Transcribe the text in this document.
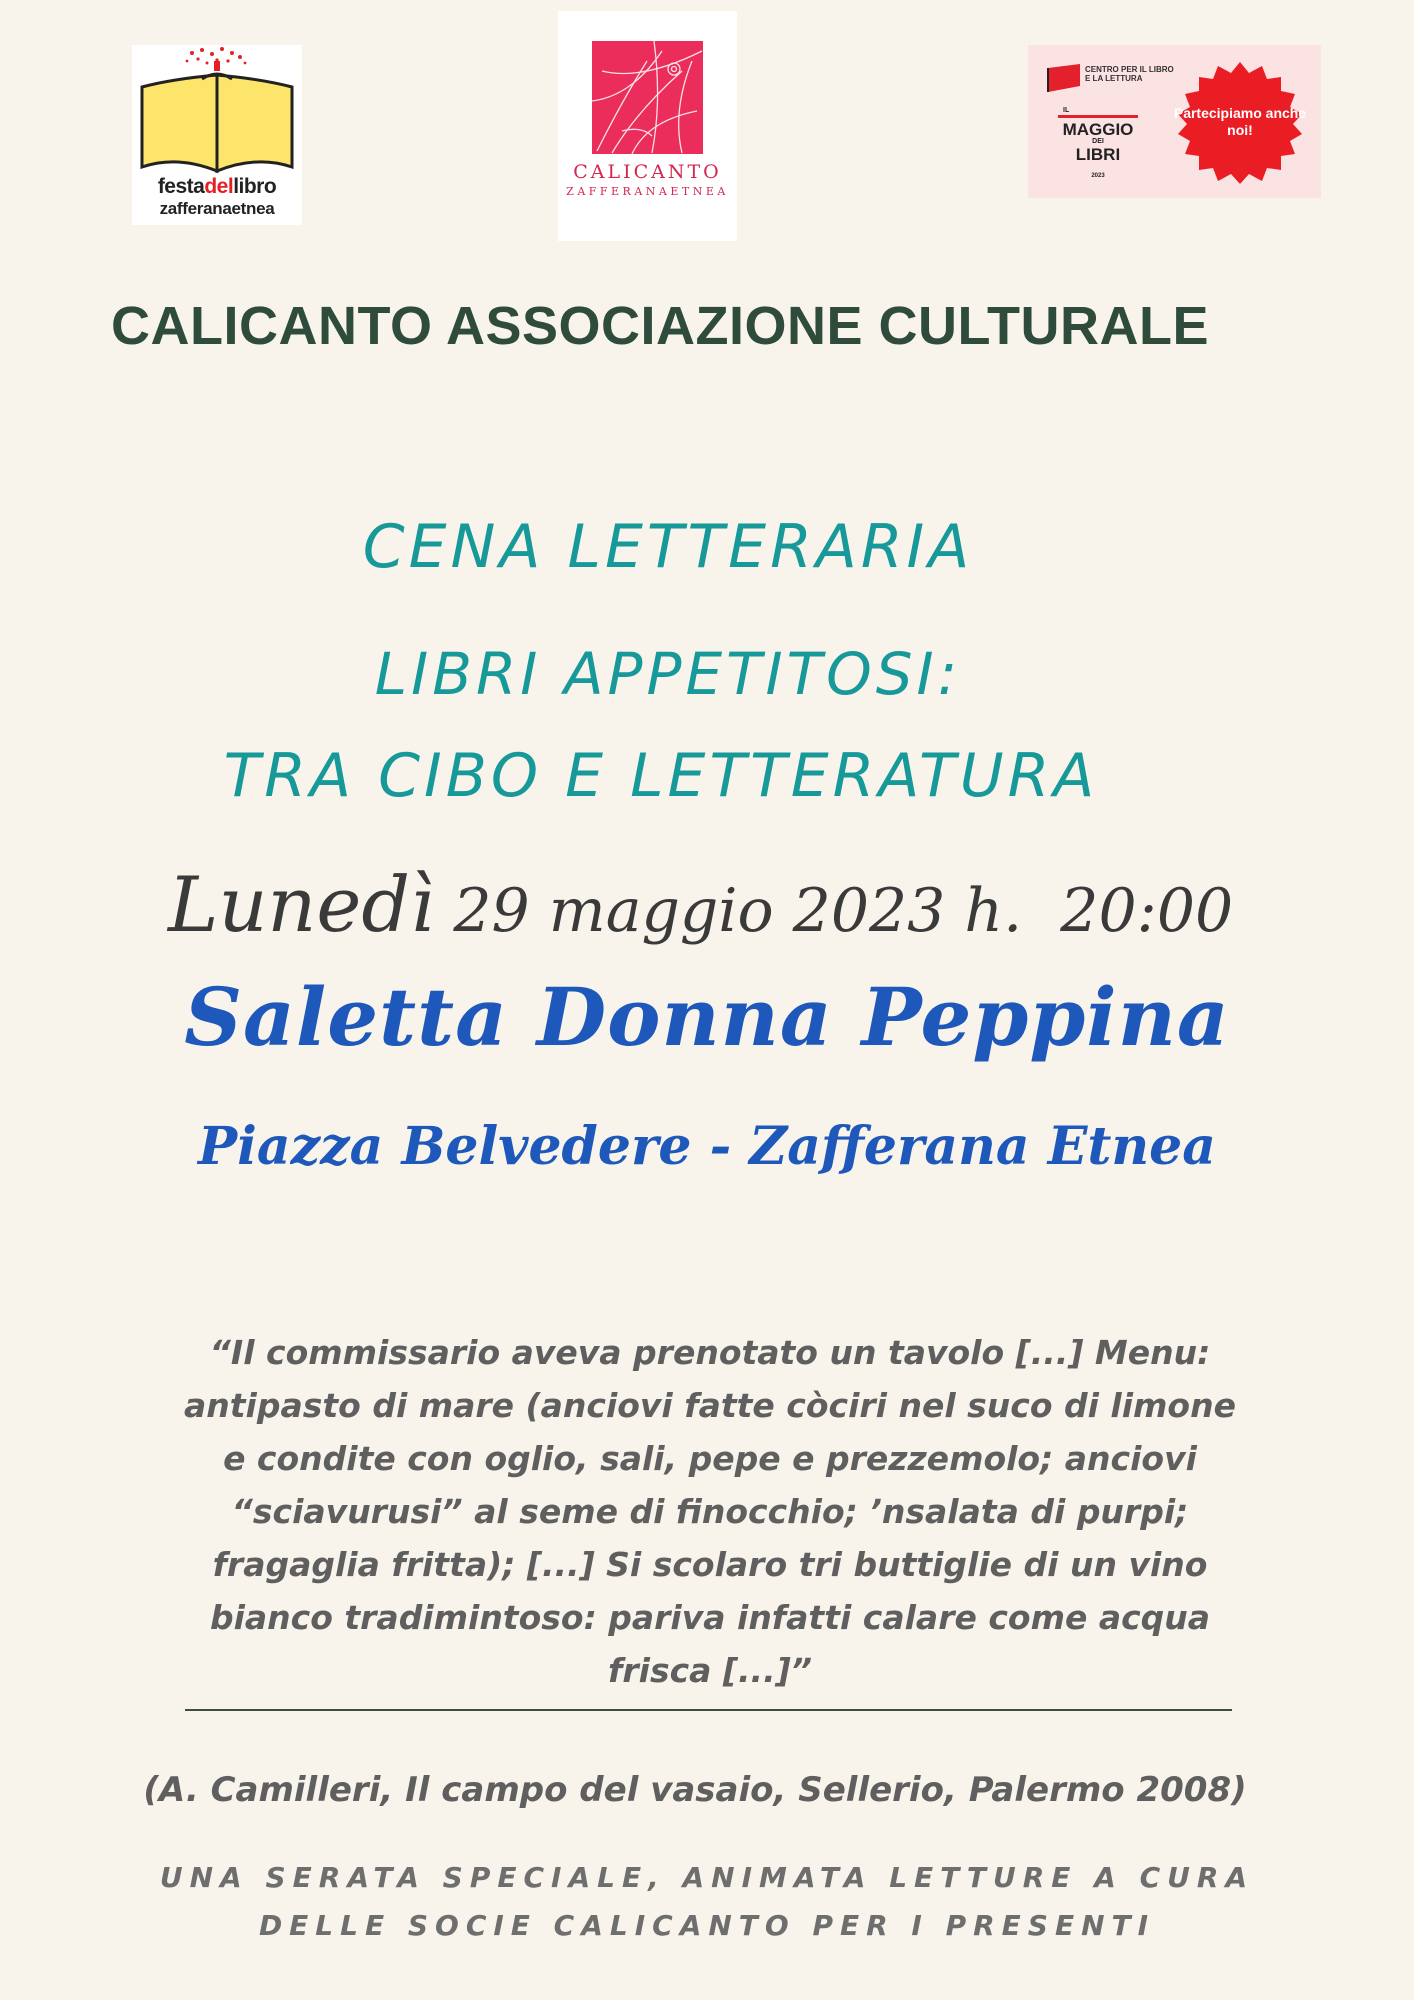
festadellibro
zafferanaetnea
CALICANTO
ZAFFERANAETNEA
CENTRO PER IL LIBRO E LA LETTURA
IL
MAGGIO
DEI
LIBRI
2023
Partecipiamo anche noi!
CALICANTO ASSOCIAZIONE CULTURALE
CENA LETTERARIA
LIBRI APPETITOSI:
TRA CIBO E LETTERATURA
Lunedì 29 maggio 2023 h.  20:00
Saletta Donna Peppina
Piazza Belvedere - Zafferana Etnea
“Il commissario aveva prenotato un tavolo [...] Menu:
antipasto di mare (anciovi fatte còciri nel suco di limone
e condite con oglio, sali, pepe e prezzemolo; anciovi
“sciavurusi” al seme di finocchio; ’nsalata di purpi;
fragaglia fritta); [...] Si scolaro tri buttiglie di un vino
bianco tradimintoso: pariva infatti calare come acqua
frisca [...]”
(A. Camilleri, Il campo del vasaio, Sellerio, Palermo 2008)
UNA SERATA SPECIALE, ANIMATA LETTURE A CURA
DELLE SOCIE CALICANTO PER I PRESENTI
